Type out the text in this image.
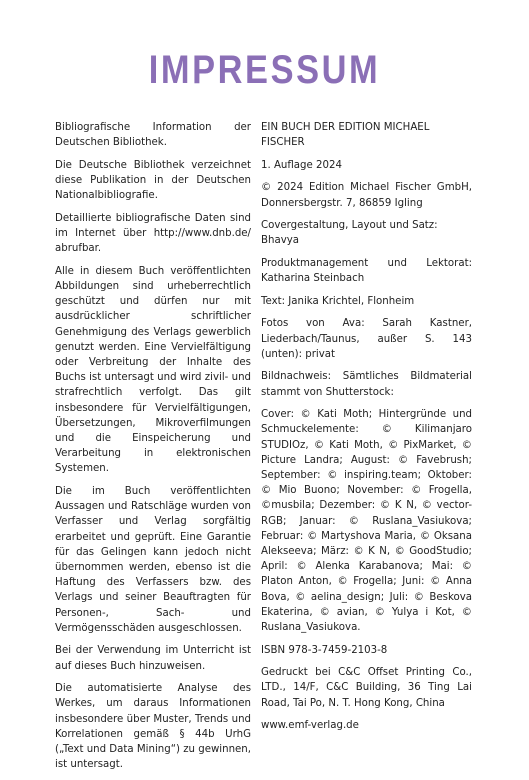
IMPRESSUM

Bibliografische Information der Deutschen Bibliothek.

Die Deutsche Bibliothek verzeichnet diese Publikation in der Deutschen Nationalbibliografie.

Detaillierte bibliografische Daten sind im Internet über http://www.dnb.de/ abrufbar.

Alle in diesem Buch veröffentlichten Abbildungen sind urheberrechtlich geschützt und dürfen nur mit ausdrücklicher schriftlicher Genehmigung des Verlags gewerblich genutzt werden. Eine Vervielfältigung oder Verbreitung der Inhalte des Buchs ist untersagt und wird zivil- und strafrechtlich verfolgt. Das gilt insbesondere für Vervielfältigungen, Übersetzungen, Mikroverfilmungen und die Einspeicherung und Verarbeitung in elektronischen Systemen.

Die im Buch veröffentlichten Aussagen und Ratschläge wurden von Verfasser und Verlag sorgfältig erarbeitet und geprüft. Eine Garantie für das Gelingen kann jedoch nicht übernommen werden, ebenso ist die Haftung des Verfassers bzw. des Verlags und seiner Beauftragten für Personen-, Sach- und Vermögensschäden ausgeschlossen.

Bei der Verwendung im Unterricht ist auf dieses Buch hinzuweisen.

Die automatisierte Analyse des Werkes, um daraus Informationen insbesondere über Muster, Trends und Korrelationen gemäß § 44b UrhG („Text und Data Mining“) zu gewinnen, ist untersagt.

EIN BUCH DER EDITION MICHAEL FISCHER

1. Auflage 2024

© 2024 Edition Michael Fischer GmbH, Donnersbergstr. 7, 86859 Igling

Covergestaltung, Layout und Satz: Bhavya

Produktmanagement und Lektorat: Katharina Steinbach

Text: Janika Krichtel, Flonheim

Fotos von Ava: Sarah Kastner, Liederbach/Taunus, außer S. 143 (unten): privat

Bildnachweis: Sämtliches Bildmaterial stammt von Shutterstock:

Cover: © Kati Moth; Hintergründe und Schmuckelemente: © Kilimanjaro STUDIOz, © Kati Moth, © PixMarket, © Picture Landra; August: © Favebrush; September: © inspiring.team; Oktober: © Mio Buono; November: © Frogella, ©musbila; Dezember: © K N, © vector-RGB; Januar: © Ruslana_Vasiukova; Februar: © Martyshova Maria, © Oksana Alekseeva; März: © K N, © GoodStudio; April: © Alenka Karabanova; Mai: © Platon Anton, © Frogella; Juni: © Anna Bova, © aelina_design; Juli: © Beskova Ekaterina, © avian, © Yulya i Kot, © Ruslana_Vasiukova.

ISBN 978-3-7459-2103-8

Gedruckt bei C&C Offset Printing Co., LTD., 14/F, C&C Building, 36 Ting Lai Road, Tai Po, N. T. Hong Kong, China

www.emf-verlag.de
